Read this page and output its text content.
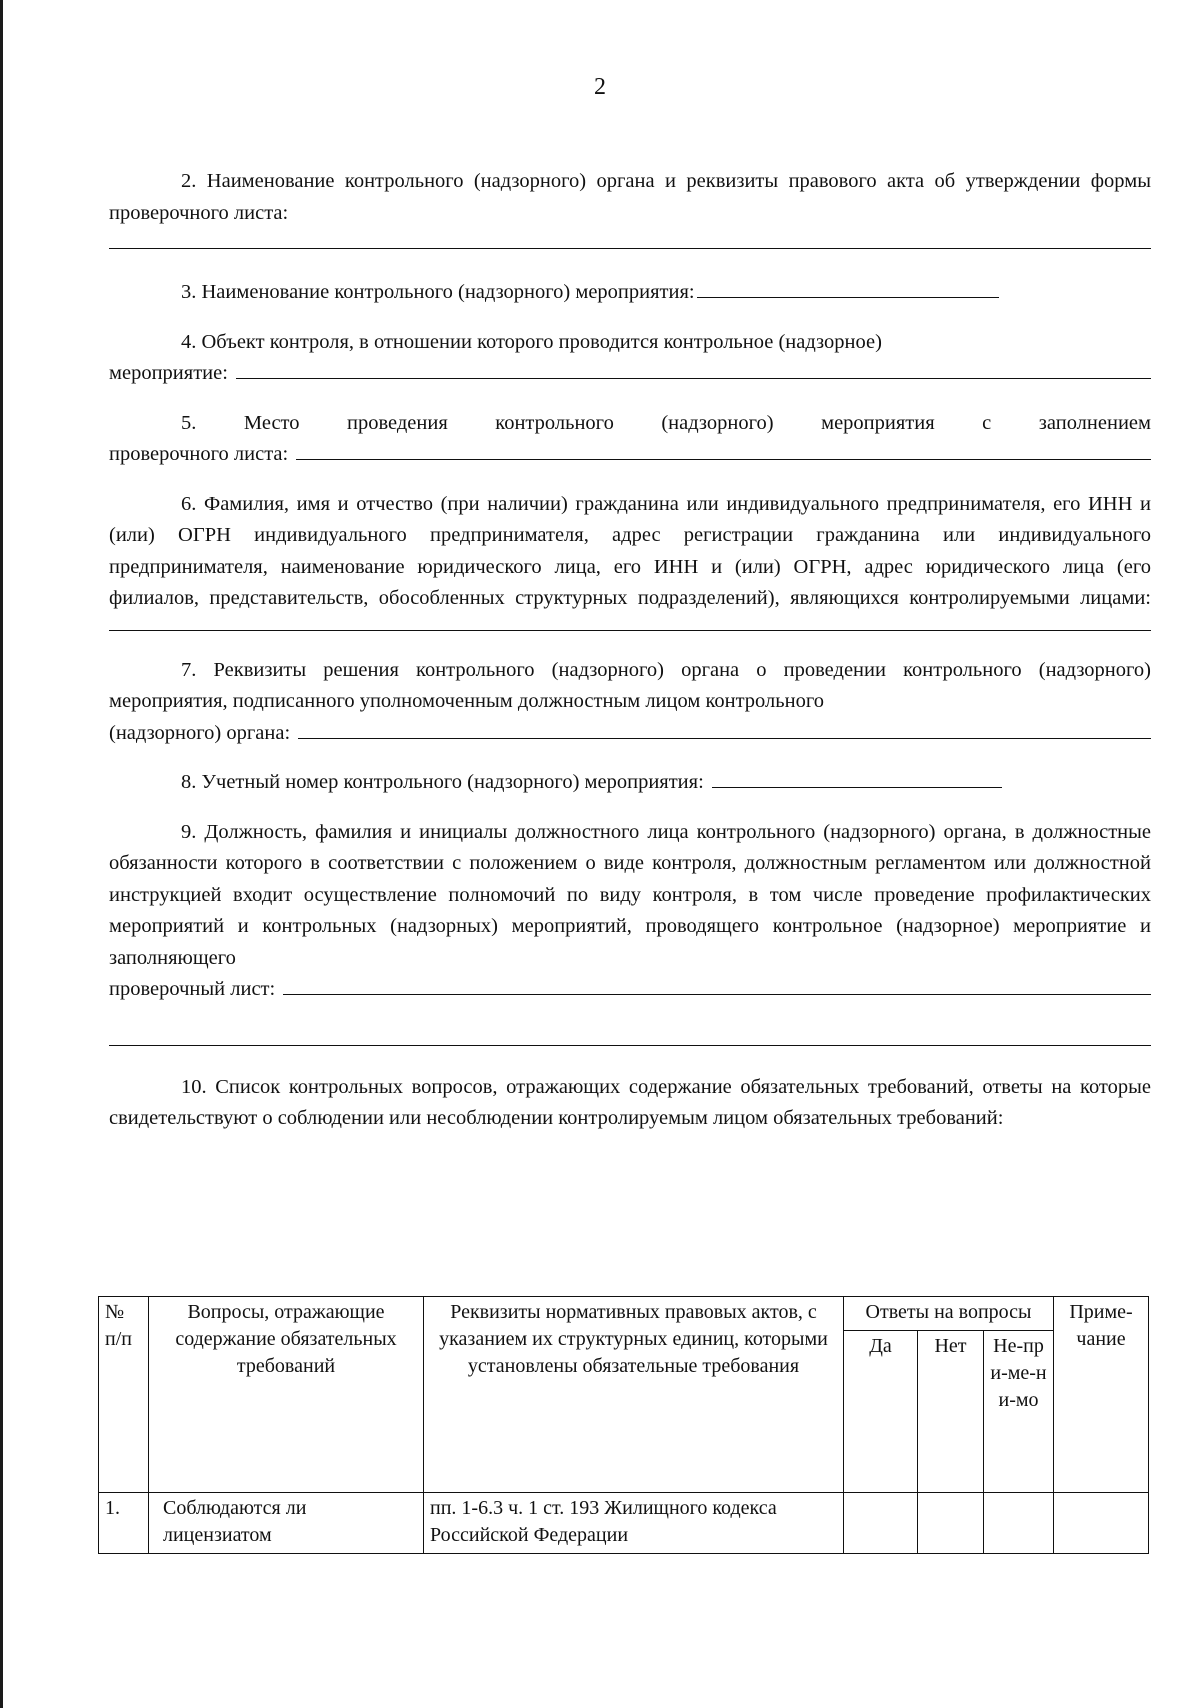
2

2. Наименование контрольного (надзорного) органа и реквизиты правового акта об утверждении формы проверочного листа:

3. Наименование контрольного (надзорного) мероприятия:

4. Объект контроля, в отношении которого проводится контрольное (надзорное)

мероприятие:

5. Место проведения контрольного (надзорного) мероприятия с заполнением

проверочного листа:

6. Фамилия, имя и отчество (при наличии) гражданина или индивидуального предпринимателя, его ИНН и (или) ОГРН индивидуального предпринимателя, адрес регистрации гражданина или индивидуального предпринимателя, наименование юридического лица, его ИНН и (или) ОГРН, адрес юридического лица (его филиалов, представительств, обособленных структурных подразделений), являющихся контролируемыми лицами:

7. Реквизиты решения контрольного (надзорного) органа о проведении контрольного (надзорного) мероприятия, подписанного уполномоченным должностным лицом контрольного

(надзорного) органа:
8. Учетный номер контрольного (надзорного) мероприятия:

9. Должность, фамилия и инициалы должностного лица контрольного (надзорного) органа, в должностные обязанности которого в соответствии с положением о виде контроля, должностным регламентом или должностной инструкцией входит осуществление полномочий по виду контроля, в том числе проведение профилактических мероприятий и контрольных (надзорных) мероприятий, проводящего контрольное (надзорное) мероприятие и заполняющего

проверочный лист:

10. Список контрольных вопросов, отражающих содержание обязательных требований, ответы на которые свидетельствуют о соблюдении или несоблюдении контролируемым лицом обязательных требований:

№ п/п	Вопросы, отражающие содержание обязательных требований	Реквизиты нормативных правовых актов, с указанием их структурных единиц, которыми установлены обязательные требования	Ответы на вопросы			Приме-чание
			Да	Нет	Не-при-ме-ни-мо	
1.	Соблюдаются ли лицензиатом	пп. 1-6.3 ч. 1 ст. 193 Жилищного кодекса Российской Федерации				
